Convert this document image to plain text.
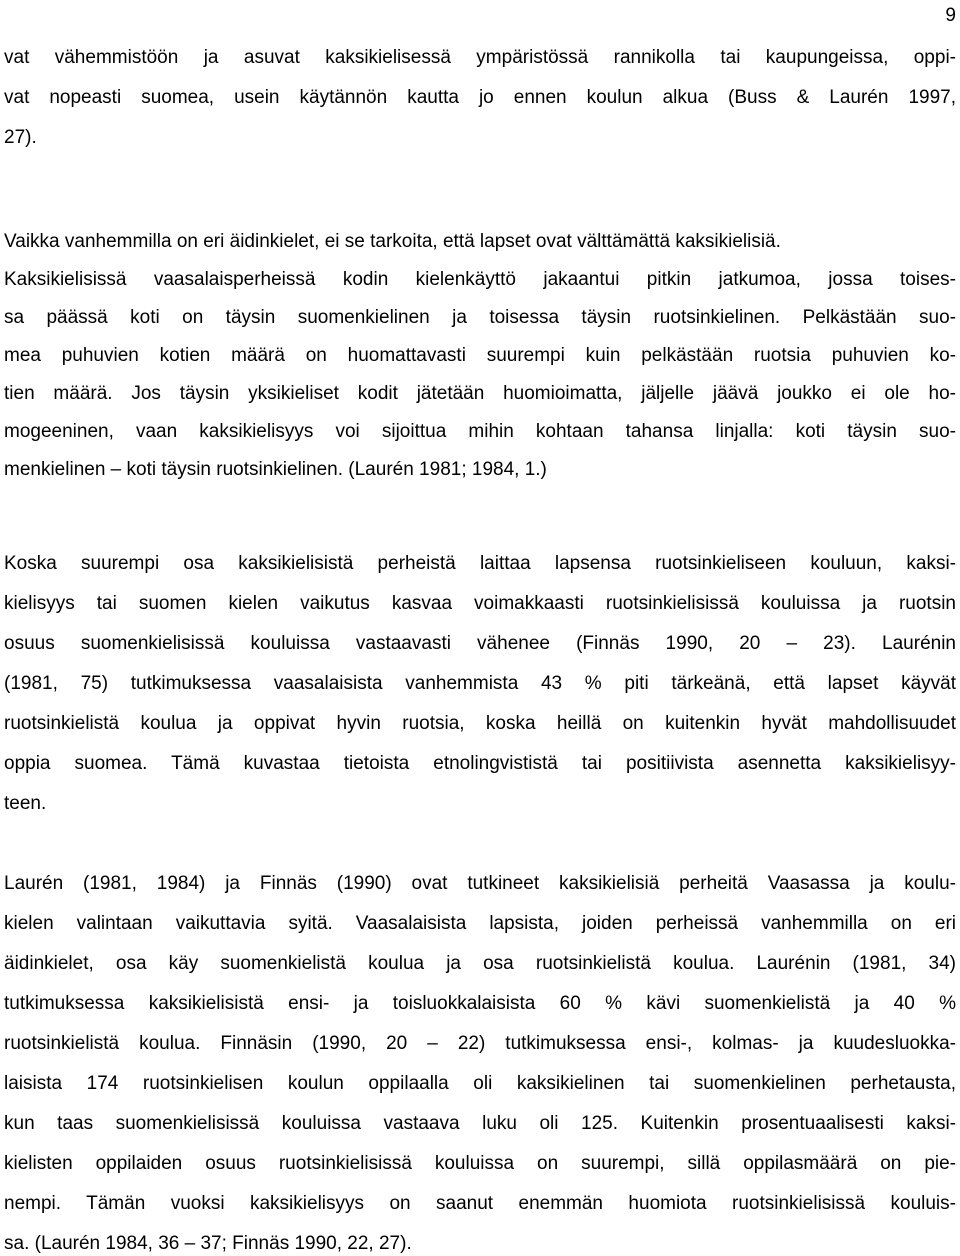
9
vat vähemmistöön ja asuvat kaksikielisessä ympäristössä rannikolla tai kaupungeissa, oppi-
vat nopeasti suomea, usein käytännön kautta jo ennen koulun alkua (Buss & Laurén 1997,
27).
Vaikka vanhemmilla on eri äidinkielet, ei se tarkoita, että lapset ovat välttämättä kaksikielisiä.
Kaksikielisissä vaasalaisperheissä kodin kielenkäyttö jakaantui pitkin jatkumoa, jossa toises-
sa päässä koti on täysin suomenkielinen ja toisessa täysin ruotsinkielinen. Pelkästään suo-
mea puhuvien kotien määrä on huomattavasti suurempi kuin pelkästään ruotsia puhuvien ko-
tien määrä. Jos täysin yksikieliset kodit jätetään huomioimatta, jäljelle jäävä joukko ei ole ho-
mogeeninen, vaan kaksikielisyys voi sijoittua mihin kohtaan tahansa linjalla: koti täysin suo-
menkielinen – koti täysin ruotsinkielinen. (Laurén 1981; 1984, 1.)
Koska suurempi osa kaksikielisistä perheistä laittaa lapsensa ruotsinkieliseen kouluun, kaksi-
kielisyys tai suomen kielen vaikutus kasvaa voimakkaasti ruotsinkielisissä kouluissa ja ruotsin
osuus suomenkielisissä kouluissa vastaavasti vähenee (Finnäs 1990, 20 – 23). Laurénin
(1981, 75) tutkimuksessa vaasalaisista vanhemmista 43 % piti tärkeänä, että lapset käyvät
ruotsinkielistä koulua ja oppivat hyvin ruotsia, koska heillä on kuitenkin hyvät mahdollisuudet
oppia suomea. Tämä kuvastaa tietoista etnolingvististä tai positiivista asennetta kaksikielisyy-
teen.
Laurén (1981, 1984) ja Finnäs (1990) ovat tutkineet kaksikielisiä perheitä Vaasassa ja koulu-
kielen valintaan vaikuttavia syitä. Vaasalaisista lapsista, joiden perheissä vanhemmilla on eri
äidinkielet, osa käy suomenkielistä koulua ja osa ruotsinkielistä koulua. Laurénin (1981, 34)
tutkimuksessa kaksikielisistä ensi- ja toisluokkalaisista 60 % kävi suomenkielistä ja 40 %
ruotsinkielistä koulua. Finnäsin (1990, 20 – 22) tutkimuksessa ensi-, kolmas- ja kuudesluokka-
laisista 174 ruotsinkielisen koulun oppilaalla oli kaksikielinen tai suomenkielinen perhetausta,
kun taas suomenkielisissä kouluissa vastaava luku oli 125. Kuitenkin prosentuaalisesti kaksi-
kielisten oppilaiden osuus ruotsinkielisissä kouluissa on suurempi, sillä oppilasmäärä on pie-
nempi. Tämän vuoksi kaksikielisyys on saanut enemmän huomiota ruotsinkielisissä kouluis-
sa. (Laurén 1984, 36 – 37; Finnäs 1990, 22, 27).
